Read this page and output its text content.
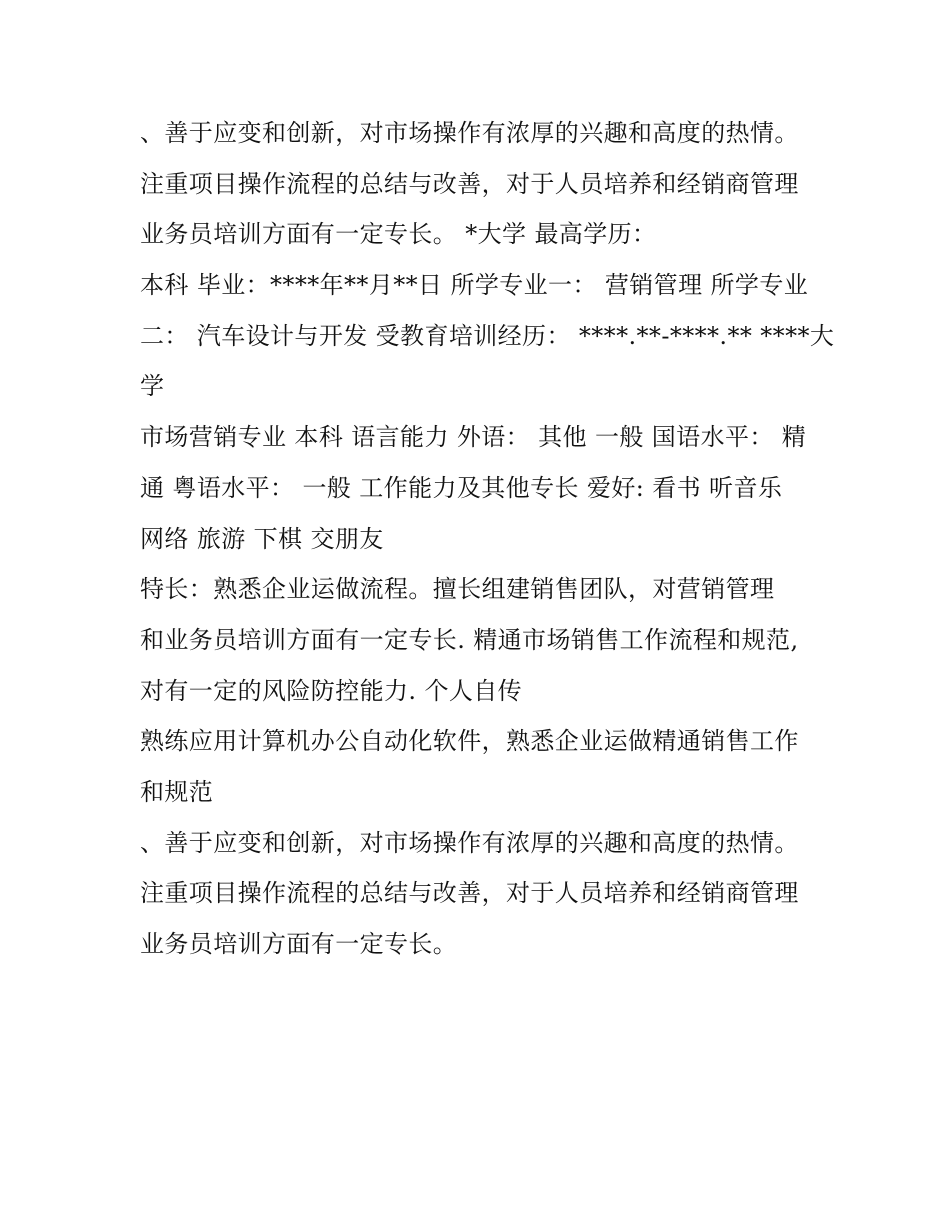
、善于应变和创新，对市场操作有浓厚的兴趣和高度的热情。
注重项目操作流程的总结与改善，对于人员培养和经销商管理
业务员培训方面有一定专长。 *大学 最高学历：
本科 毕业：****年**月**日 所学专业一： 营销管理 所学专业
二： 汽车设计与开发 受教育培训经历： ****.**-****.** ****大
学
市场营销专业 本科 语言能力 外语： 其他 一般 国语水平： 精
通 粤语水平： 一般 工作能力及其他专长 爱好: 看书 听音乐
网络 旅游 下棋 交朋友
特长：熟悉企业运做流程。擅长组建销售团队，对营销管理
和业务员培训方面有一定专长. 精通市场销售工作流程和规范,
对有一定的风险防控能力. 个人自传
熟练应用计算机办公自动化软件，熟悉企业运做精通销售工作
和规范
、善于应变和创新，对市场操作有浓厚的兴趣和高度的热情。
注重项目操作流程的总结与改善，对于人员培养和经销商管理
业务员培训方面有一定专长。
